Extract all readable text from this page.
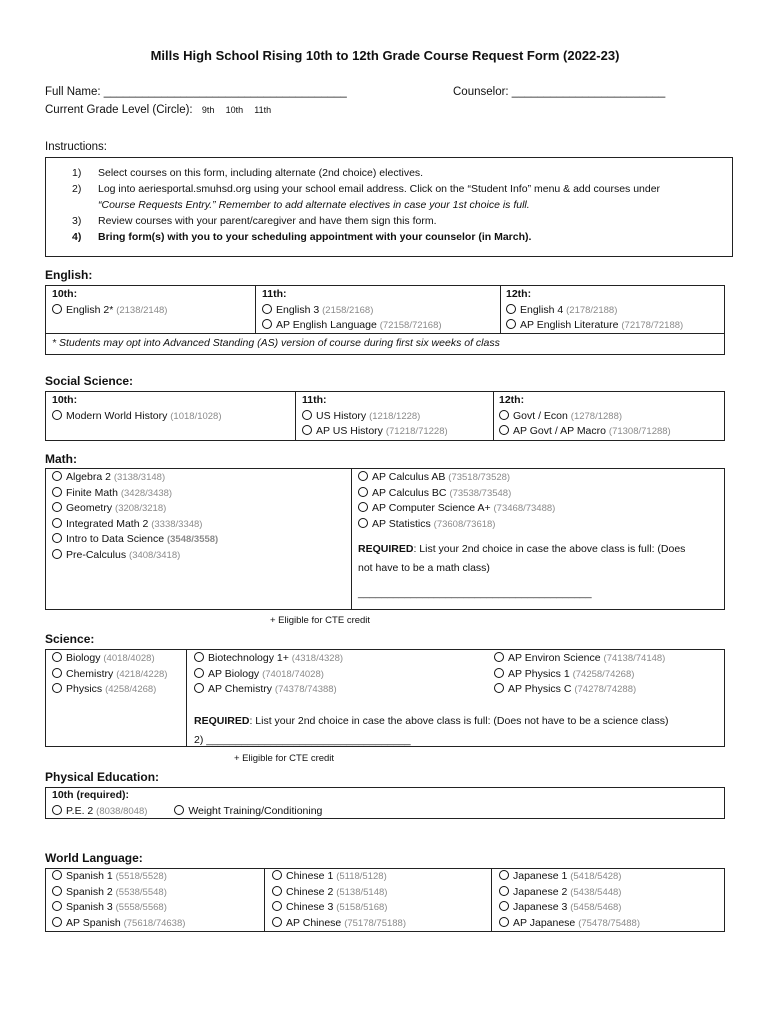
Mills High School Rising 10th to 12th Grade Course Request Form (2022-23)
Full Name: ______________________________________	Counselor: ________________________
Current Grade Level (Circle): 9th 10th 11th
Instructions:
1) Select courses on this form, including alternate (2nd choice) electives.
2) Log into aeriesportal.smuhsd.org using your school email address. Click on the “Student Info” menu & add courses under
“Course Requests Entry.” Remember to add alternate electives in case your 1st choice is full.
3) Review courses with your parent/caregiver and have them sign this form.
4) Bring form(s) with you to your scheduling appointment with your counselor (in March).
English:
10th:
English 2* (2138/2148)
11th:
English 3 (2158/2168)
AP English Language (72158/72168)
12th:
English 4 (2178/2188)
AP English Literature (72178/72188)
* Students may opt into Advanced Standing (AS) version of course during first six weeks of class
Social Science:
10th:
Modern World History (1018/1028)
11th:
US History (1218/1228)
AP US History (71218/71228)
12th:
Govt / Econ (1278/1288)
AP Govt / AP Macro (71308/71288)
Math:
Algebra 2 (3138/3148)
Finite Math (3428/3438)
Geometry (3208/3218)
Integrated Math 2 (3338/3348)
Intro to Data Science (3548/3558)
Pre-Calculus (3408/3418)
AP Calculus AB (73518/73528)
AP Calculus BC (73538/73548)
AP Computer Science A+ (73468/73488)
AP Statistics (73608/73618)
REQUIRED: List your 2nd choice in case the above class is full: (Does
not have to be a math class)
________________________________________
+ Eligible for CTE credit
Science:
Biology (4018/4028)
Chemistry (4218/4228)
Physics (4258/4268)
Biotechnology 1+ (4318/4328)
AP Biology (74018/74028)
AP Chemistry (74378/74388)
AP Environ Science (74138/74148)
AP Physics 1 (74258/74268)
AP Physics C (74278/74288)
REQUIRED: List your 2nd choice in case the above class is full: (Does not have to be a science class)
2) ___________________________________
+ Eligible for CTE credit
Physical Education:
10th (required):
P.E. 2 (8038/8048)	Weight Training/Conditioning
World Language:
Spanish 1 (5518/5528)
Spanish 2 (5538/5548)
Spanish 3 (5558/5568)
AP Spanish (75618/74638)
Chinese 1 (5118/5128)
Chinese 2 (5138/5148)
Chinese 3 (5158/5168)
AP Chinese (75178/75188)
Japanese 1 (5418/5428)
Japanese 2 (5438/5448)
Japanese 3 (5458/5468)
AP Japanese (75478/75488)
